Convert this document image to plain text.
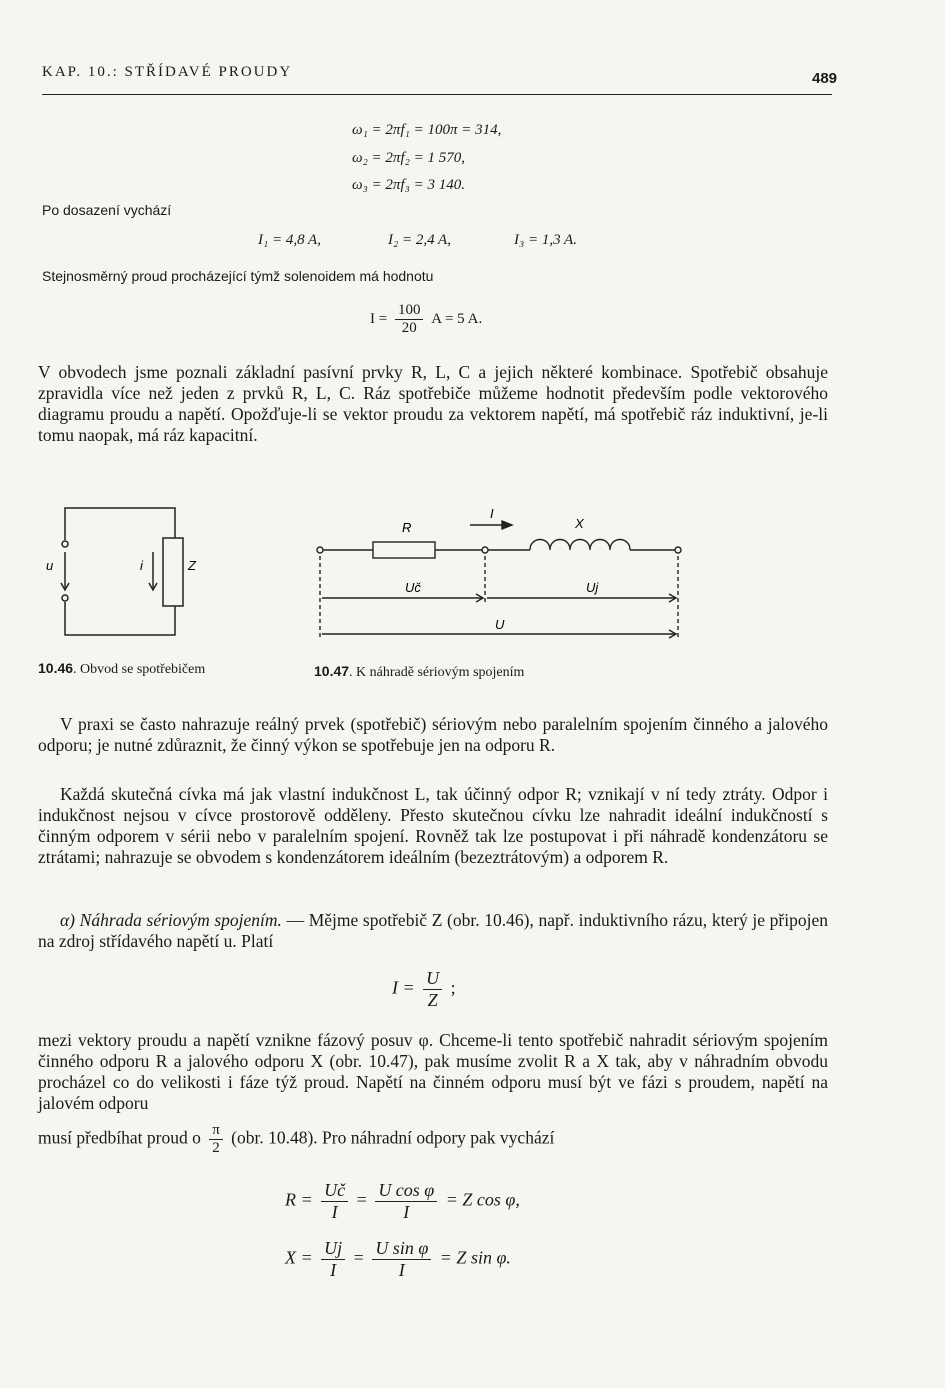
KAP. 10.: STŘÍDAVÉ PROUDY	489
ω₁ = 2πf₁ = 100π = 314,
ω₂ = 2πf₂ = 1 570,
ω₃ = 2πf₃ = 3 140.
Po dosazení vychází
I₁ = 4,8 A,	I₂ = 2,4 A,	I₃ = 1,3 A.
Stejnosměrný proud procházející týmž solenoidem má hodnotu
$I = \frac{100}{20}$ A = 5 A.

V obvodech jsme poznali základní pasívní prvky R, L, C a jejich některé kombinace. Spotřebič obsahuje zpravidla více než jeden z prvků R, L, C. Ráz spotřebiče můžeme hodnotit především podle vektorového diagramu proudu a napětí. Opožďuje-li se vektor proudu za vektorem napětí, má spotřebič ráz induktivní, je-li tomu naopak, má ráz kapacitní.

u	i	Z
R
I
X
Uč	Uj
U
10.46. Obvod se spotřebičem	10.47. K náhradě sériovým spojením

V praxi se často nahrazuje reálný prvek (spotřebič) sériovým nebo paralelním spojením činného a jalového odporu; je nutné zdůraznit, že činný výkon se spotřebuje jen na odporu R.

Každá skutečná cívka má jak vlastní indukčnost L, tak účinný odpor R; vznikají v ní tedy ztráty. Odpor i indukčnost nejsou v cívce prostorově odděleny. Přesto skutečnou cívku lze nahradit ideální indukčností s činným odporem v sérii nebo v paralelním spojení. Rovněž tak lze postupovat i při náhradě kondenzátoru se ztrátami; nahrazuje se obvodem s kondenzátorem ideálním (bezeztrátovým) a odporem R.

α) Náhrada sériovým spojením. — Mějme spotřebič Z (obr. 10.46), např. induktivního rázu, který je připojen na zdroj střídavého napětí u. Platí

$I = \frac{U}{Z}$ ;

mezi vektory proudu a napětí vznikne fázový posuv φ. Chceme-li tento spotřebič nahradit sériovým spojením činného odporu R a jalového odporu X (obr. 10.47), pak musíme zvolit R a X tak, aby v náhradním obvodu procházel co do velikosti i fáze týž proud. Napětí na činném odporu musí být ve fázi s proudem, napětí na jalovém odporu

musí předbíhat proud o $\frac{\pi}{2} (obr$. 10.48). Pro náhradní odpory pak vychází
$R = \frac{Uč}{I} = \frac{\text{U cos φ}}{I} = Z$ cos φ,
$X = \frac{Uj}{I} = \frac{\text{U sin φ}}{I} = Z$ sin φ.
